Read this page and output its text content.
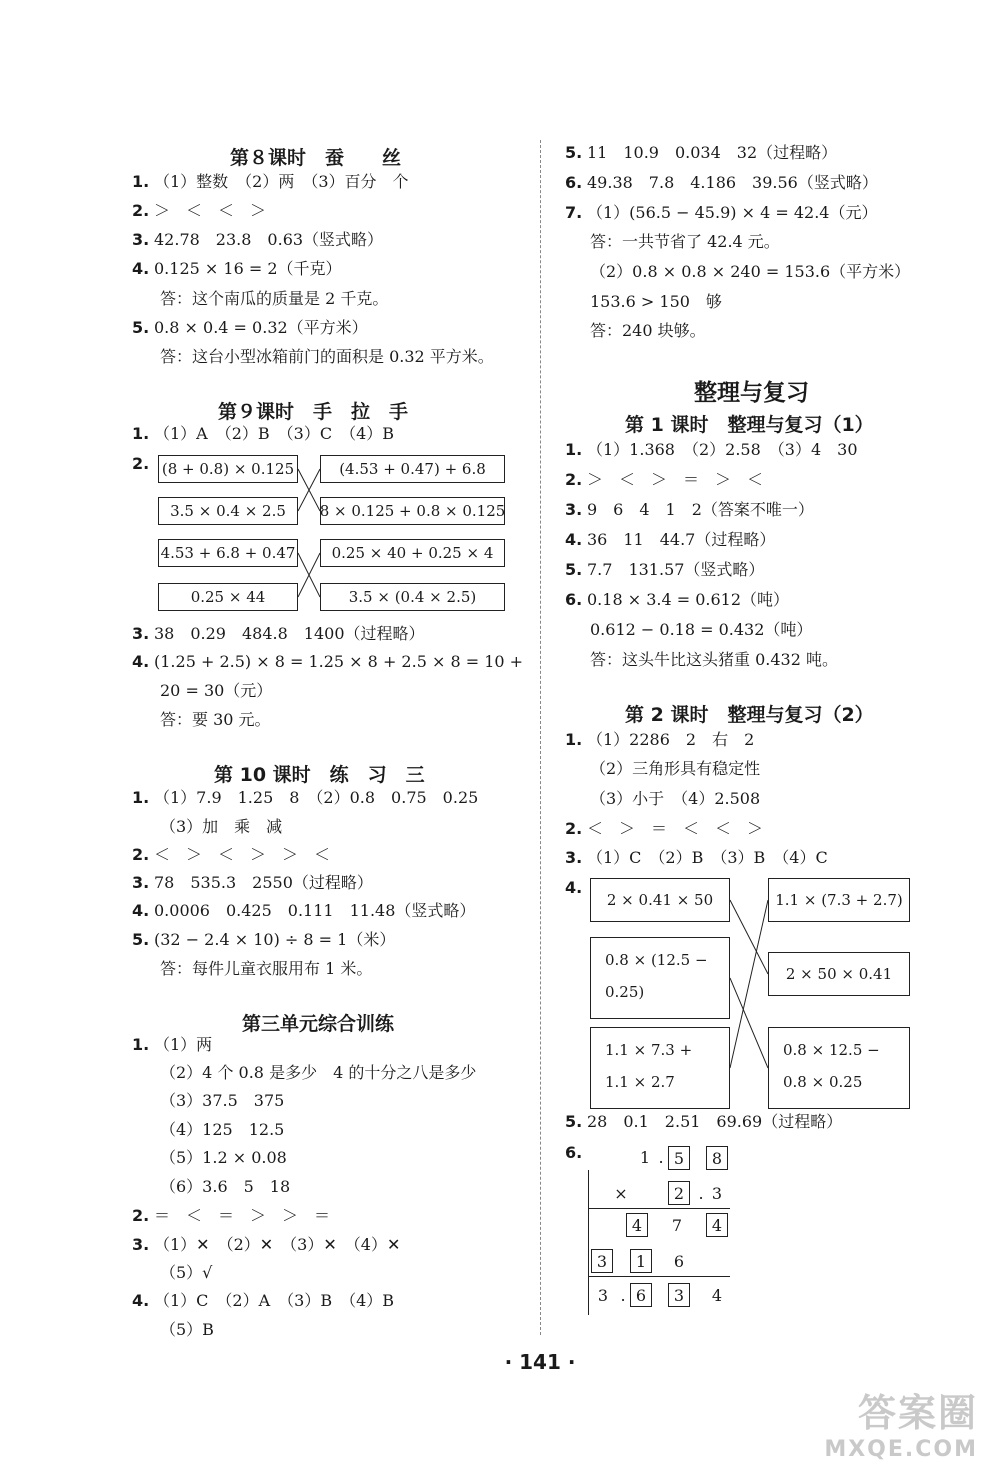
第８课时　蚕　　丝
1. （1）整数　（2）两　（3）百分　个
2. ＞　＜　＜　＞
3. 42.78　23.8　0.63（竖式略）
4. 0.125 × 16 = 2（千克）
答：这个南瓜的质量是 2 千克。
5. 0.8 × 0.4 = 0.32（平方米）
答：这台小型冰箱前门的面积是 0.32 平方米。
第９课时　手　拉　手
1. （1）A　（2）B　（3）C　（4）B
2. (8 + 0.8) × 0.125
3.5 × 0.4 × 2.5
4.53 + 6.8 + 0.47
0.25 × 44
(4.53 + 0.47) + 6.8
8 × 0.125 + 0.8 × 0.125
0.25 × 40 + 0.25 × 4
3.5 × (0.4 × 2.5)
3. 38　0.29　484.8　1400（过程略）
4. (1.25 + 2.5) × 8 = 1.25 × 8 + 2.5 × 8 = 10 +
20 = 30（元）
答：要 30 元。
第 10 课时　练　习　三
1. （1）7.9　1.25　8　（2）0.8　0.75　0.25
（3）加　乘　减
2. ＜　＞　＜　＞　＞　＜
3. 78　535.3　2550（过程略）
4. 0.0006　0.425　0.111　11.48（竖式略）
5. (32 − 2.4 × 10) ÷ 8 = 1（米）
答：每件儿童衣服用布 1 米。
第三单元综合训练
1. （1）两
（2）4 个 0.8 是多少　4 的十分之八是多少
（3）37.5　375
（4）125　12.5
（5）1.2 × 0.08
（6）3.6　5　18
2. ＝　＜　＝　＞　＞　＝
3. （1）✕　（2）✕　（3）✕　（4）✕
（5）√
4. （1）C　（2）A　（3）B　（4）B
（5）B
5. 11　10.9　0.034　32（过程略）
6. 49.38　7.8　4.186　39.56（竖式略）
7. （1）(56.5 − 45.9) × 4 = 42.4（元）
答：一共节省了 42.4 元。
（2）0.8 × 0.8 × 240 = 153.6（平方米）
153.6 > 150　够
答：240 块够。
整理与复习
第 1 课时　整理与复习（1）
1. （1）1.368　（2）2.58　（3）4　30
2. ＞　＜　＞　＝　＞　＜
3. 9　6　4　1　2（答案不唯一）
4. 36　11　44.7（过程略）
5. 7.7　131.57（竖式略）
6. 0.18 × 3.4 = 0.612（吨）
0.612 − 0.18 = 0.432（吨）
答：这头牛比这头猪重 0.432 吨。
第 2 课时　整理与复习（2）
1. （1）2286　2　右　2
（2）三角形具有稳定性
（3）小于　（4）2.508
2. ＜　＞　＝　＜　＜　＞
3. （1）C　（2）B　（3）B　（4）C
4.
2 × 0.41 × 50
0.8 × (12.5 −
0.25)
1.1 × 7.3 +
1.1 × 2.7
1.1 × (7.3 + 2.7)
2 × 50 × 0.41
0.8 × 12.5 −
0.8 × 0.25
5. 28　0.1　2.51　69.69（过程略）
6.	1 . 5	8
×	2 . 3
4	7	4
3	1	6
3 . 6	3	4
· 141 ·
答案圈
MXQE.COM
